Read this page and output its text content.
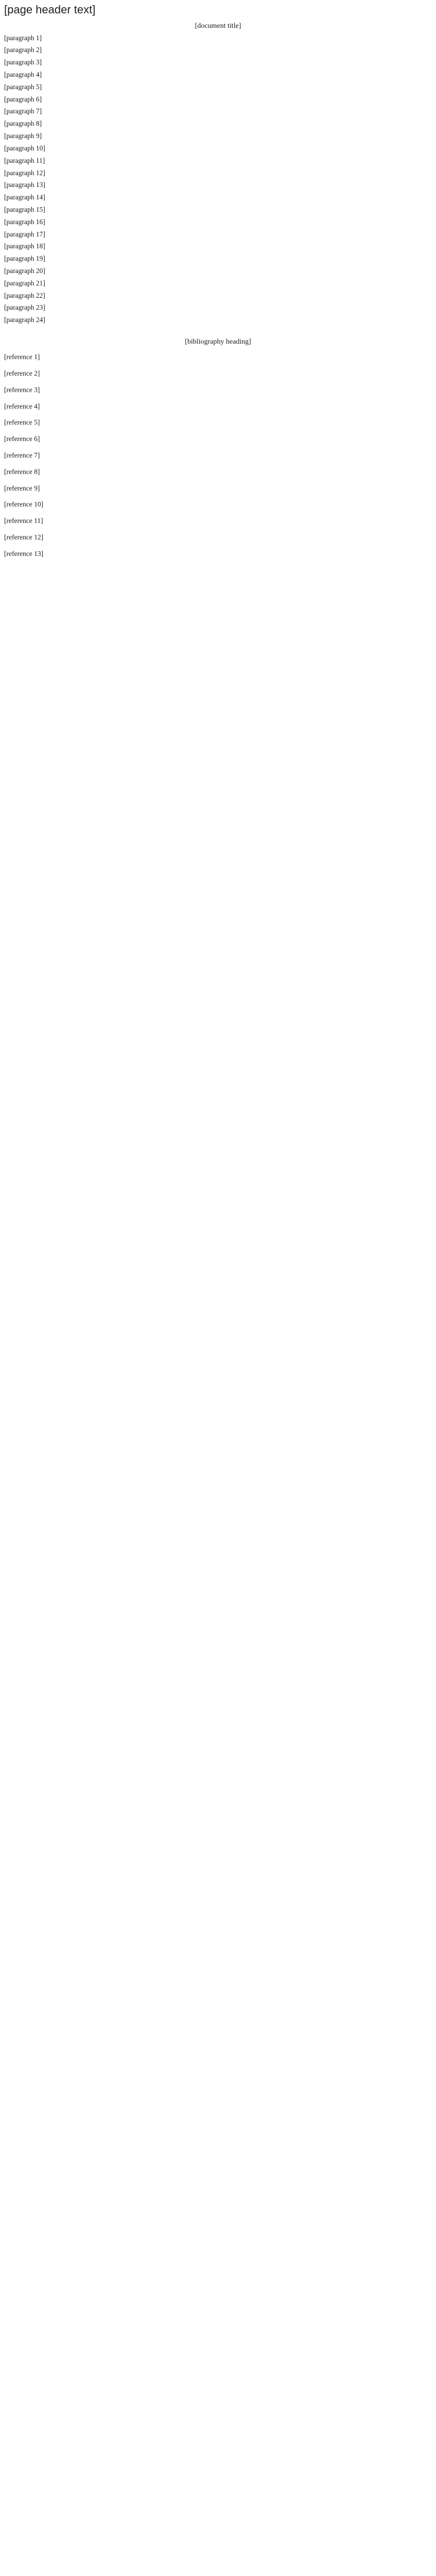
[page header text]
[document title]

[paragraph 1]

[paragraph 2]

[paragraph 3]

[paragraph 4]

[paragraph 5]

[paragraph 6]

[paragraph 7]

[paragraph 8]

[paragraph 9]

[paragraph 10]

[paragraph 11]

[paragraph 12]

[paragraph 13]

[paragraph 14]

[paragraph 15]

[paragraph 16]

[paragraph 17]

[paragraph 18]

[paragraph 19]

[paragraph 20]

[paragraph 21]

[paragraph 22]

[paragraph 23]

[paragraph 24]

[bibliography heading]
[reference 1]
[reference 2]
[reference 3]
[reference 4]
[reference 5]
[reference 6]
[reference 7]
[reference 8]
[reference 9]
[reference 10]
[reference 11]
[reference 12]
[reference 13]
